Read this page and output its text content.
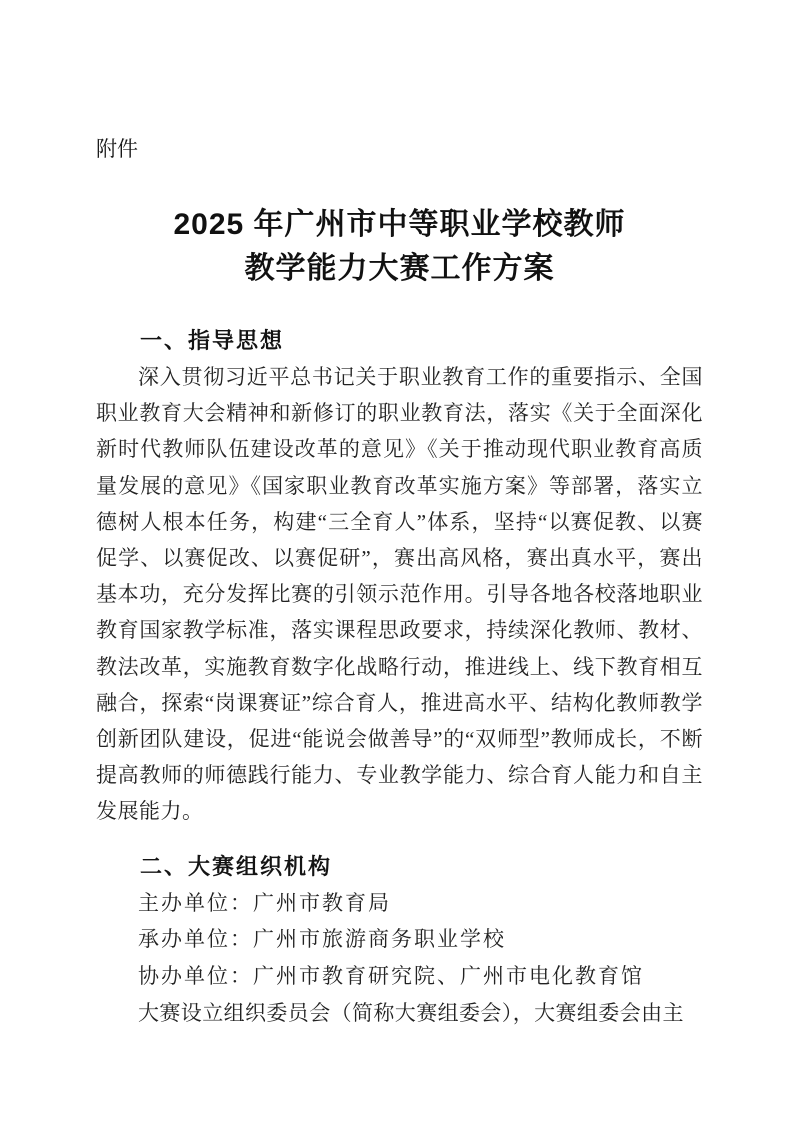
附件
2025 年广州市中等职业学校教师
教学能力大赛工作方案
一、指导思想

深入贯彻习近平总书记关于职业教育工作的重要指示、全国职业教育大会精神和新修订的职业教育法，落实《关于全面深化新时代教师队伍建设改革的意见》《关于推动现代职业教育高质量发展的意见》《国家职业教育改革实施方案》等部署，落实立德树人根本任务，构建“三全育人”体系，坚持“以赛促教、以赛促学、以赛促改、以赛促研”，赛出高风格，赛出真水平，赛出基本功，充分发挥比赛的引领示范作用。引导各地各校落地职业教育国家教学标准，落实课程思政要求，持续深化教师、教材、教法改革，实施教育数字化战略行动，推进线上、线下教育相互融合，探索“岗课赛证”综合育人，推进高水平、结构化教师教学创新团队建设，促进“能说会做善导”的“双师型”教师成长，不断提高教师的师德践行能力、专业教学能力、综合育人能力和自主发展能力。

二、大赛组织机构

主办单位：广州市教育局

承办单位：广州市旅游商务职业学校

协办单位：广州市教育研究院、广州市电化教育馆

大赛设立组织委员会（简称大赛组委会），大赛组委会由主
